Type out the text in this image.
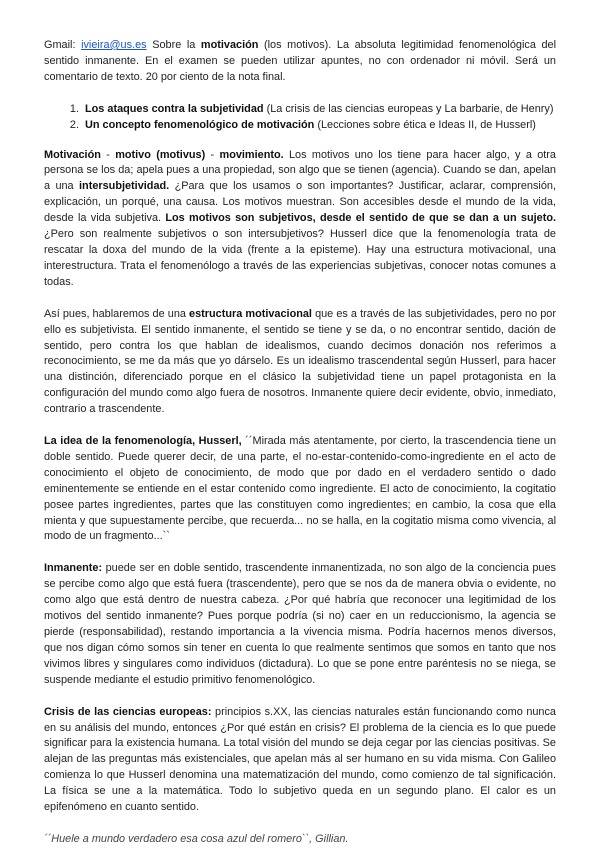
Gmail: ivieira@us.es Sobre la motivación (los motivos). La absoluta legitimidad fenomenológica del sentido inmanente. En el examen se pueden utilizar apuntes, no con ordenador ni móvil. Será un comentario de texto. 20 por ciento de la nota final.

1. Los ataques contra la subjetividad (La crisis de las ciencias europeas y La barbarie, de Henry)
2. Un concepto fenomenológico de motivación (Lecciones sobre ética e Ideas II, de Husserl)

Motivación - motivo (motivus) - movimiento. Los motivos uno los tiene para hacer algo, y a otra persona se los da; apela pues a una propiedad, son algo que se tienen (agencia). Cuando se dan, apelan a una intersubjetividad. ¿Para que los usamos o son importantes? Justificar, aclarar, comprensión, explicación, un porqué, una causa. Los motivos muestran. Son accesibles desde el mundo de la vida, desde la vida subjetiva. Los motivos son subjetivos, desde el sentido de que se dan a un sujeto. ¿Pero son realmente subjetivos o son intersubjetivos? Husserl dice que la fenomenología trata de rescatar la doxa del mundo de la vida (frente a la episteme). Hay una estructura motivacional, una interestructura. Trata el fenomenólogo a través de las experiencias subjetivas, conocer notas comunes a todas.

Así pues, hablaremos de una estructura motivacional que es a través de las subjetividades, pero no por ello es subjetivista. El sentido inmanente, el sentido se tiene y se da, o no encontrar sentido, dación de sentido, pero contra los que hablan de idealismos, cuando decimos donación nos referimos a reconocimiento, se me da más que yo dárselo. Es un idealismo trascendental según Husserl, para hacer una distinción, diferenciado porque en el clásico la subjetividad tiene un papel protagonista en la configuración del mundo como algo fuera de nosotros. Inmanente quiere decir evidente, obvio, inmediato, contrario a trascendente.

La idea de la fenomenología, Husserl, ´´Mirada más atentamente, por cierto, la trascendencia tiene un doble sentido. Puede querer decir, de una parte, el no-estar-contenido-como-ingrediente en el acto de conocimiento el objeto de conocimiento, de modo que por dado en el verdadero sentido o dado eminentemente se entiende en el estar contenido como ingrediente. El acto de conocimiento, la cogitatio posee partes ingredientes, partes que las constituyen como ingredientes; en cambio, la cosa que ella mienta y que supuestamente percibe, que recuerda... no se halla, en la cogitatio misma como vivencia, al modo de un fragmento...``

Inmanente: puede ser en doble sentido, trascendente inmanentizada, no son algo de la conciencia pues se percibe como algo que está fuera (trascendente), pero que se nos da de manera obvia o evidente, no como algo que está dentro de nuestra cabeza. ¿Por qué habría que reconocer una legitimidad de los motivos del sentido inmanente? Pues porque podría (si no) caer en un reduccionismo, la agencia se pierde (responsabilidad), restando importancia a la vivencia misma. Podría hacernos menos diversos, que nos digan cómo somos sin tener en cuenta lo que realmente sentimos que somos en tanto que nos vivimos libres y singulares como individuos (dictadura). Lo que se pone entre paréntesis no se niega, se suspende mediante el estudio primitivo fenomenológico.

Crisis de las ciencias europeas: principios s.XX, las ciencias naturales están funcionando como nunca en su análisis del mundo, entonces ¿Por qué están en crisis? El problema de la ciencia es lo que puede significar para la existencia humana. La total visión del mundo se deja cegar por las ciencias positivas. Se alejan de las preguntas más existenciales, que apelan más al ser humano en su vida misma. Con Galileo comienza lo que Husserl denomina una matematización del mundo, como comienzo de tal significación. La física se une a la matemática. Todo lo subjetivo queda en un segundo plano. El calor es un epifenómeno en cuanto sentido.

´´Huele a mundo verdadero esa cosa azul del romero``, Gillian.
